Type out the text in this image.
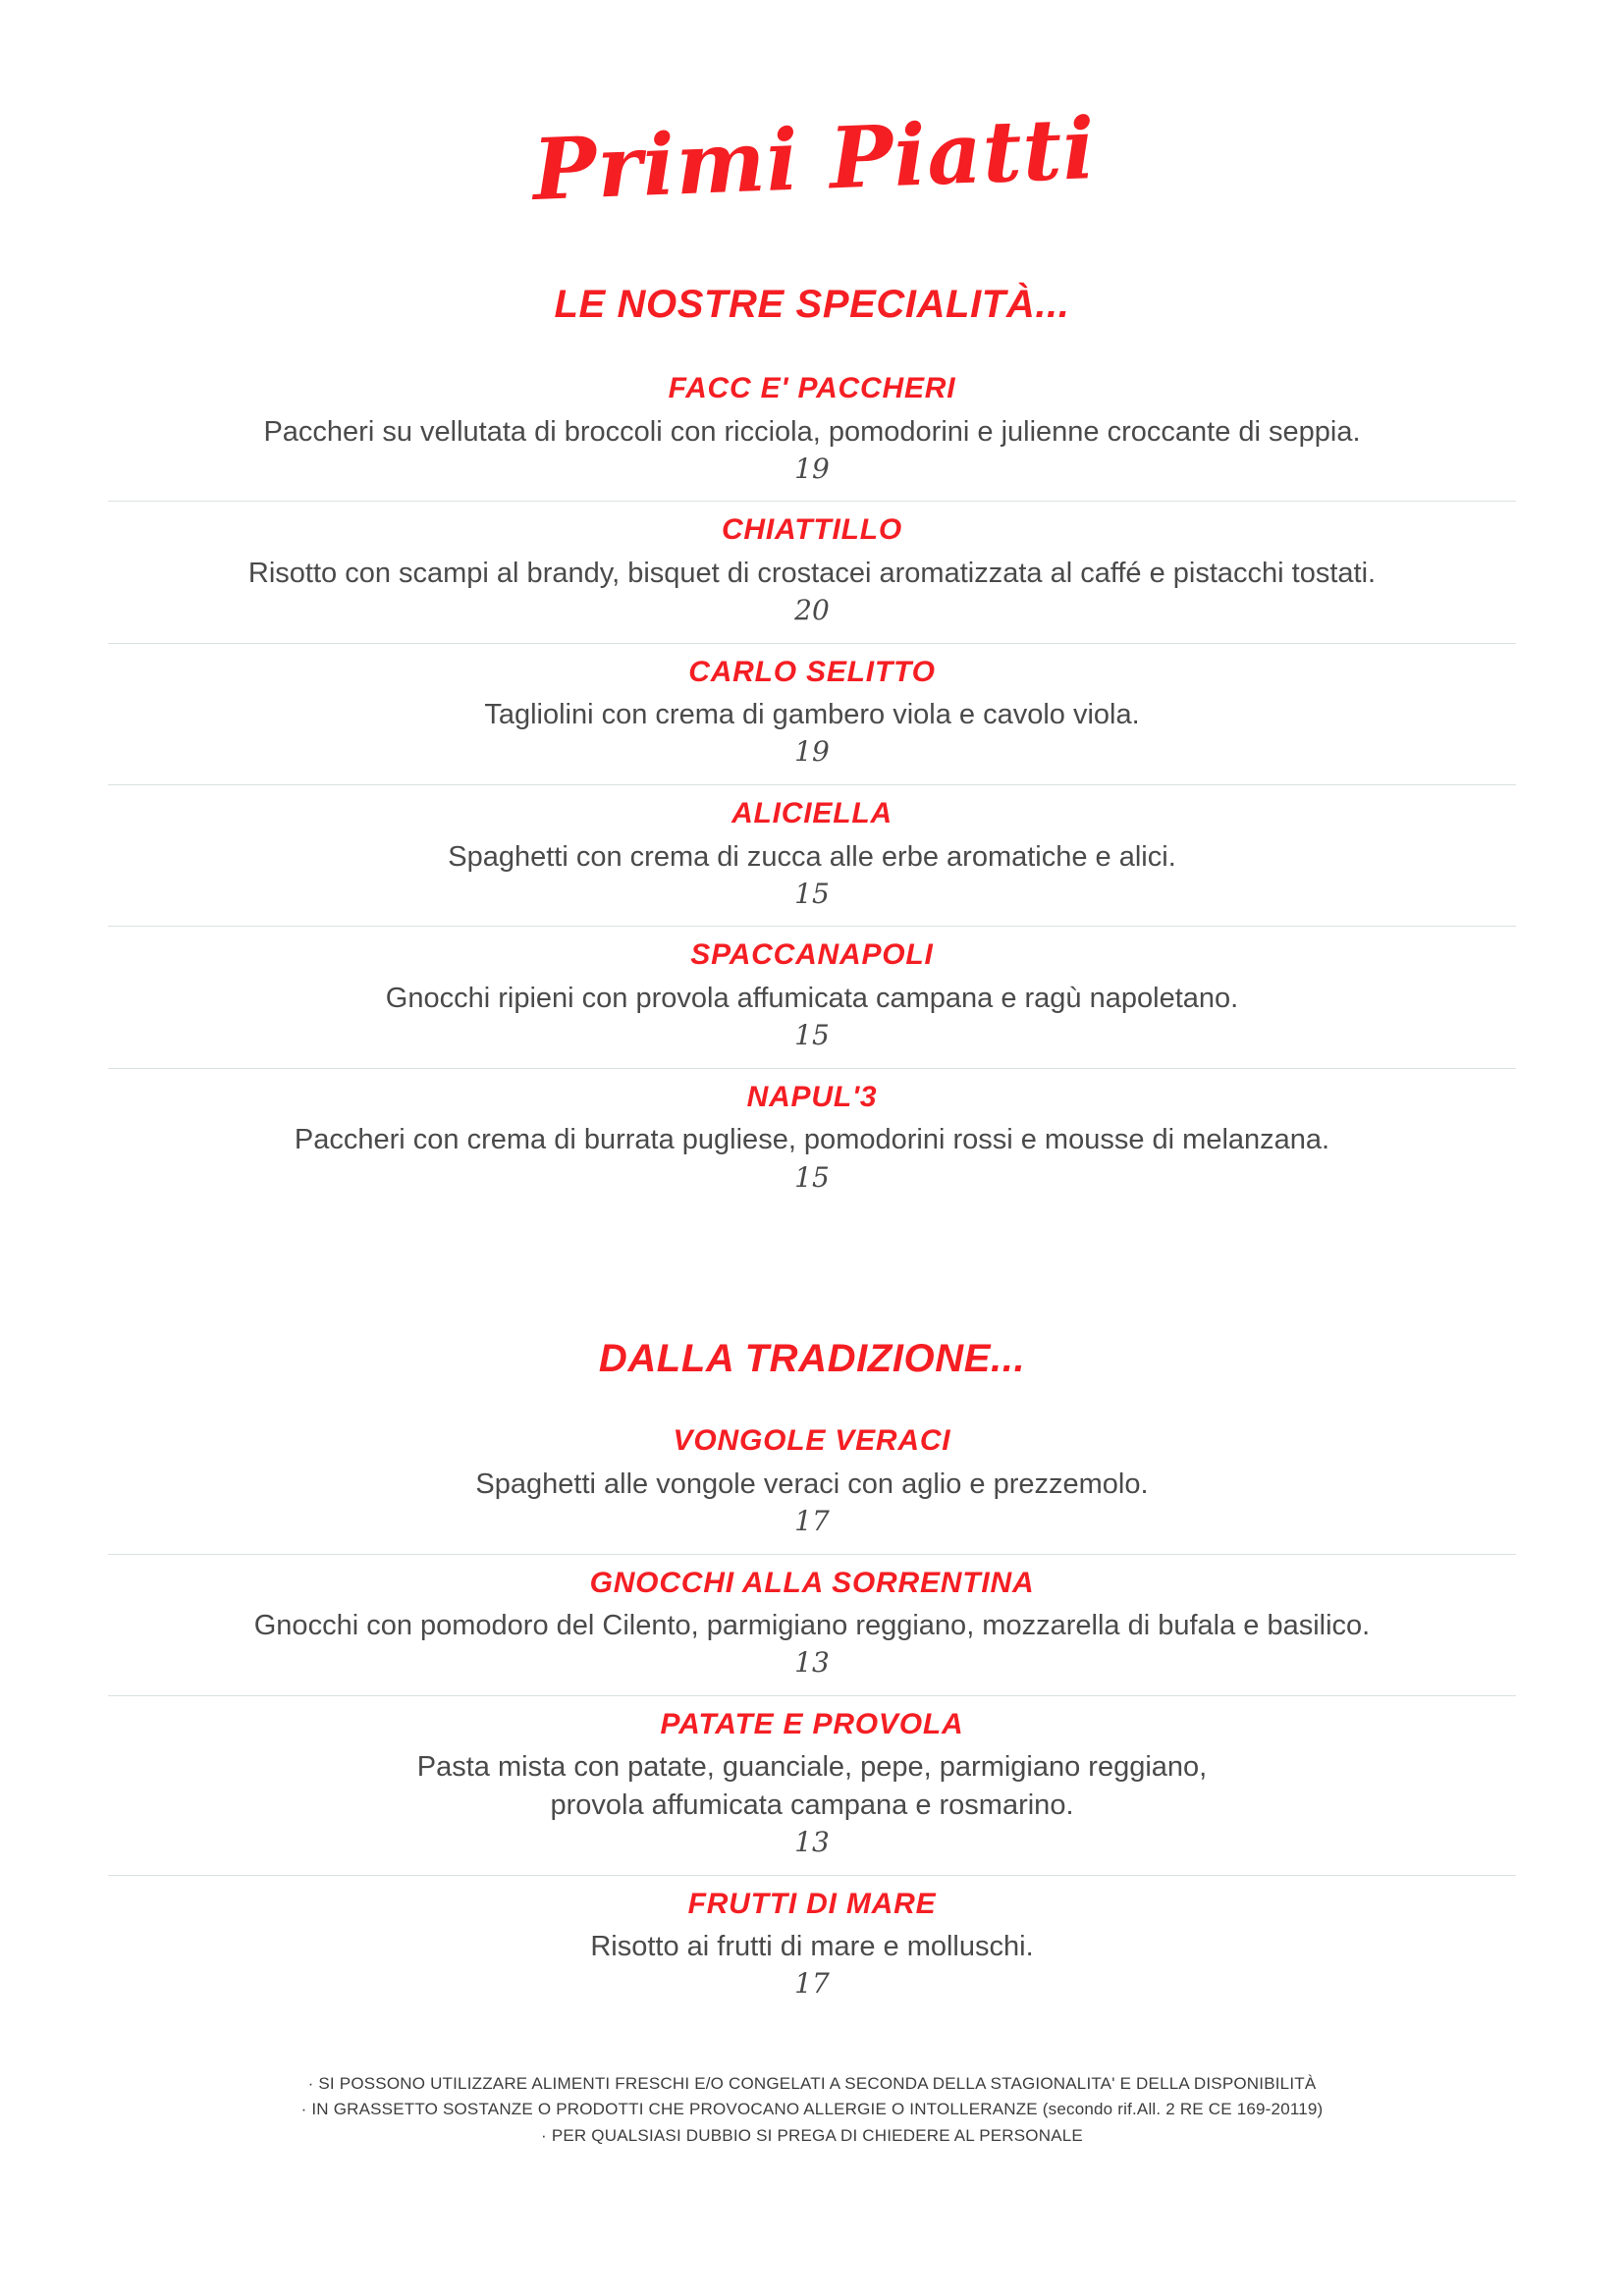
Primi Piatti
LE NOSTRE SPECIALITÀ...
FACC E' PACCHERI
Paccheri su vellutata di broccoli con ricciola, pomodorini e julienne croccante di seppia.
19
CHIATTILLO
Risotto con scampi al brandy, bisquet di crostacei aromatizzata al caffé e pistacchi tostati.
20
CARLO SELITTO
Tagliolini con crema di gambero viola e cavolo viola.
19
ALICIELLA
Spaghetti con crema di zucca alle erbe aromatiche e alici.
15
SPACCANAPOLI
Gnocchi ripieni con provola affumicata campana e ragù napoletano.
15
NAPUL'3
Paccheri con crema di burrata pugliese, pomodorini rossi e mousse di melanzana.
15
DALLA TRADIZIONE...
VONGOLE VERACI
Spaghetti alle vongole veraci con aglio e prezzemolo.
17
GNOCCHI ALLA SORRENTINA
Gnocchi con pomodoro del Cilento, parmigiano reggiano, mozzarella di bufala e basilico.
13
PATATE E PROVOLA
Pasta mista con patate, guanciale, pepe, parmigiano reggiano,
provola affumicata campana e rosmarino.
13
FRUTTI DI MARE
Risotto ai frutti di mare e molluschi.
17
· SI POSSONO UTILIZZARE ALIMENTI FRESCHI E/O CONGELATI A SECONDA DELLA STAGIONALITA' E DELLA DISPONIBILITÀ
· IN GRASSETTO SOSTANZE O PRODOTTI CHE PROVOCANO ALLERGIE O INTOLLERANZE (secondo rif.All. 2 RE CE 169-20119)
· PER QUALSIASI DUBBIO SI PREGA DI CHIEDERE AL PERSONALE
